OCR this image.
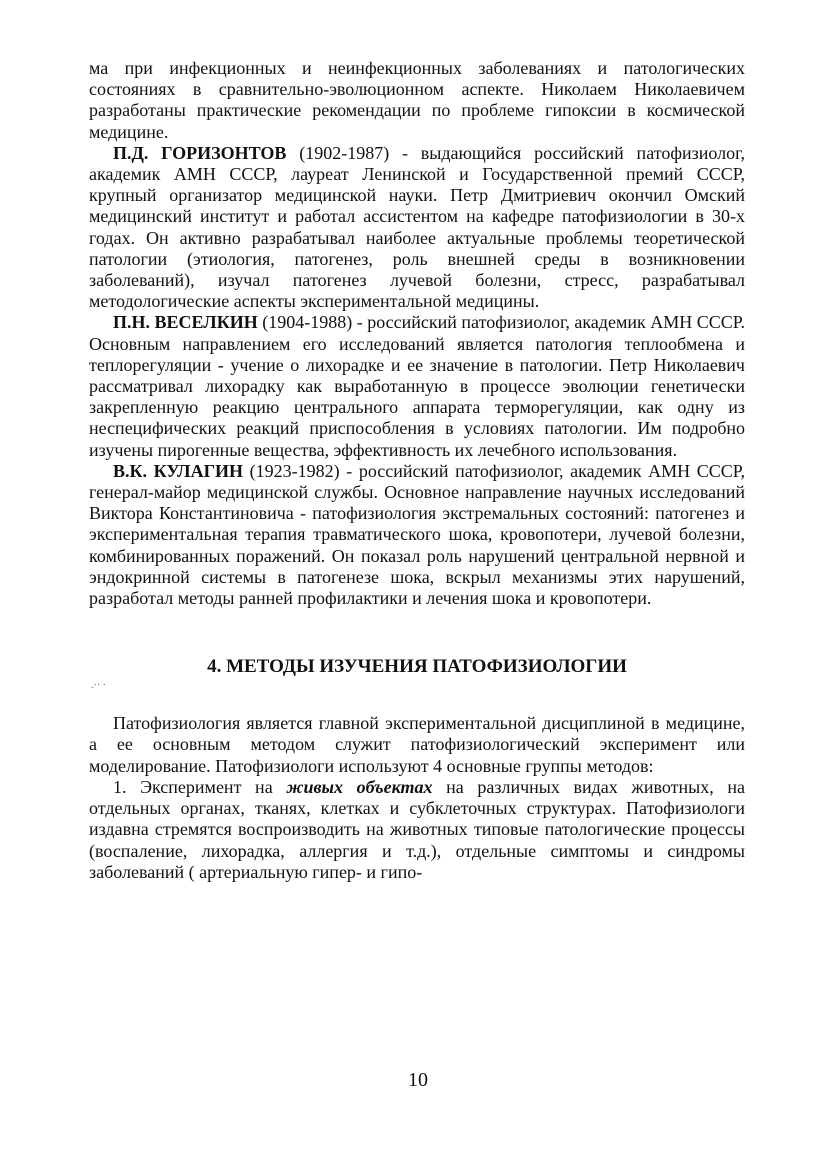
ма при инфекционных и неинфекционных заболеваниях и патологических состояниях в сравнительно-эволюционном аспекте. Николаем Николаевичем разработаны практические рекомендации по проблеме гипоксии в космической медицине.

П.Д. ГОРИЗОНТОВ (1902-1987) - выдающийся российский патофизиолог, академик АМН СССР, лауреат Ленинской и Государственной премий СССР, крупный организатор медицинской науки. Петр Дмитриевич окончил Омский медицинский институт и работал ассистентом на кафедре патофизиологии в 30-х годах. Он активно разрабатывал наиболее актуальные проблемы теоретической патологии (этиология, патогенез, роль внешней среды в возникновении заболеваний), изучал патогенез лучевой болезни, стресс, разрабатывал методологические аспекты экспериментальной медицины.

П.Н. ВЕСЕЛКИН (1904-1988) - российский патофизиолог, академик АМН СССР. Основным направлением его исследований является патология теплообмена и теплорегуляции - учение о лихорадке и ее значение в патологии. Петр Николаевич рассматривал лихорадку как выработанную в процессе эволюции генетически закрепленную реакцию центрального аппарата терморегуляции, как одну из неспецифических реакций приспособления в условиях патологии. Им подробно изучены пирогенные вещества, эффективность их лечебного использования.

В.К. КУЛАГИН (1923-1982) - российский патофизиолог, академик АМН СССР, генерал-майор медицинской службы. Основное направление научных исследований Виктора Константиновича - патофизиология экстремальных состояний: патогенез и экспериментальная терапия травматического шока, кровопотери, лучевой болезни, комбинированных поражений. Он показал роль нарушений центральной нервной и эндокринной системы в патогенезе шока, вскрыл механизмы этих нарушений, разработал методы ранней профилактики и лечения шока и кровопотери.

4. МЕТОДЫ ИЗУЧЕНИЯ ПАТОФИЗИОЛОГИИ
.·· ·

Патофизиология является главной экспериментальной дисциплиной в медицине, а ее основным методом служит патофизиологический эксперимент или моделирование. Патофизиологи используют 4 основные группы методов:

1. Эксперимент на живых объектах на различных видах животных, на отдельных органах, тканях, клетках и субклеточных структурах. Патофизиологи издавна стремятся воспроизводить на животных типовые патологические процессы (воспаление, лихорадка, аллергия и т.д.), отдельные симптомы и синдромы заболеваний ( артериальную гипер- и гипо-

10
